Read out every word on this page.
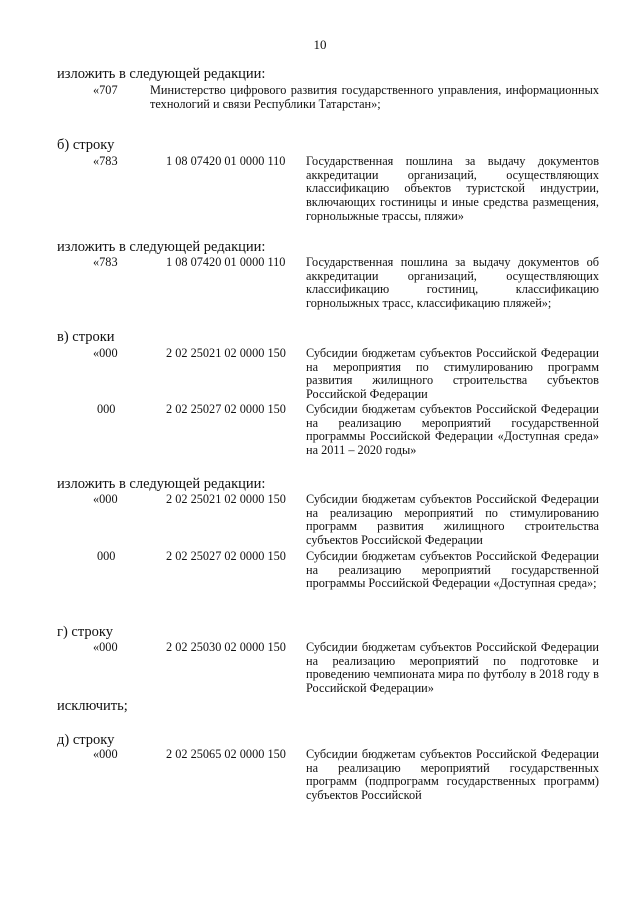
10
изложить в следующей редакции:
«707	Министерство цифрового развития государственного управления, информационных технологий и связи Республики Татарстан»;
б) строку
«783	1 08 07420 01 0000 110 Государственная пошлина за выдачу документов аккредитации организаций, осуществляющих классификацию объектов туристской индустрии, включающих гостиницы и иные средства размещения, горнолыжные трассы, пляжи»
изложить в следующей редакции:
«783	1 08 07420 01 0000 110 Государственная пошлина за выдачу документов об аккредитации организаций, осуществляющих классификацию гостиниц, классификацию горнолыжных трасс, классификацию пляжей»;
в) строки
«000	2 02 25021 02 0000 150 Субсидии бюджетам субъектов Российской Федерации на мероприятия по стимулированию программ развития жилищного строительства субъектов Российской Федерации
000	2 02 25027 02 0000 150 Субсидии бюджетам субъектов Российской Федерации на реализацию мероприятий государственной программы Российской Федерации «Доступная среда» на 2011 – 2020 годы»
изложить в следующей редакции:
«000	2 02 25021 02 0000 150 Субсидии бюджетам субъектов Российской Федерации на реализацию мероприятий по стимулированию программ развития жилищного строительства субъектов Российской Федерации
000	2 02 25027 02 0000 150 Субсидии бюджетам субъектов Российской Федерации на реализацию мероприятий государственной программы Российской Федерации «Доступная среда»;
г) строку
«000	2 02 25030 02 0000 150 Субсидии бюджетам субъектов Российской Федерации на реализацию мероприятий по подготовке и проведению чемпионата мира по футболу в 2018 году в Российской Федерации»
исключить;
д) строку
«000	2 02 25065 02 0000 150 Субсидии бюджетам субъектов Российской Федерации на реализацию мероприятий государственных программ (подпрограмм государственных программ) субъектов Российской
